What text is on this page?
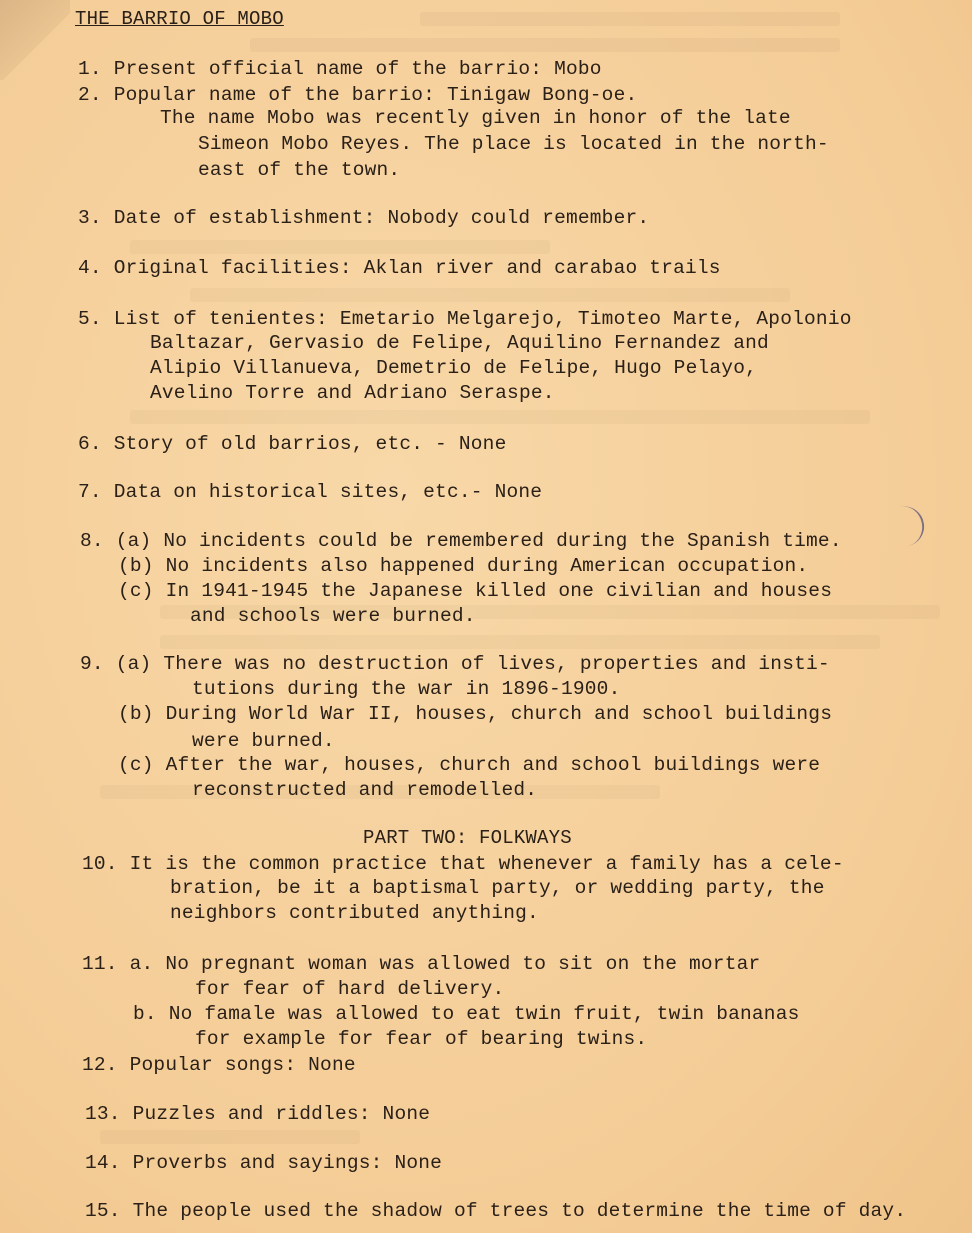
THE BARRIO OF MOBO
1. Present official name of the barrio: Mobo
2. Popular name of the barrio: Tinigaw Bong-oe.
The name Mobo was recently given in honor of the late
Simeon Mobo Reyes. The place is located in the north-
east of the town.
3. Date of establishment: Nobody could remember.
4. Original facilities: Aklan river and carabao trails
5. List of tenientes: Emetario Melgarejo, Timoteo Marte, Apolonio
Baltazar, Gervasio de Felipe, Aquilino Fernandez and
Alipio Villanueva, Demetrio de Felipe, Hugo Pelayo,
Avelino Torre and Adriano Seraspe.
6. Story of old barrios, etc. - None
7. Data on historical sites, etc.- None
8. (a) No incidents could be remembered during the Spanish time.
(b) No incidents also happened during American occupation.
(c) In 1941-1945 the Japanese killed one civilian and houses
and schools were burned.
9. (a) There was no destruction of lives, properties and insti-
tutions during the war in 1896-1900.
(b) During World War II, houses, church and school buildings
were burned.
(c) After the war, houses, church and school buildings were
reconstructed and remodelled.
PART TWO: FOLKWAYS
10. It is the common practice that whenever a family has a cele-
bration, be it a baptismal party, or wedding party, the
neighbors contributed anything.
11. a. No pregnant woman was allowed to sit on the mortar
for fear of hard delivery.
b. No famale was allowed to eat twin fruit, twin bananas
for example for fear of bearing twins.
12. Popular songs: None
13. Puzzles and riddles: None
14. Proverbs and sayings: None
15. The people used the shadow of trees to determine the time of day.
